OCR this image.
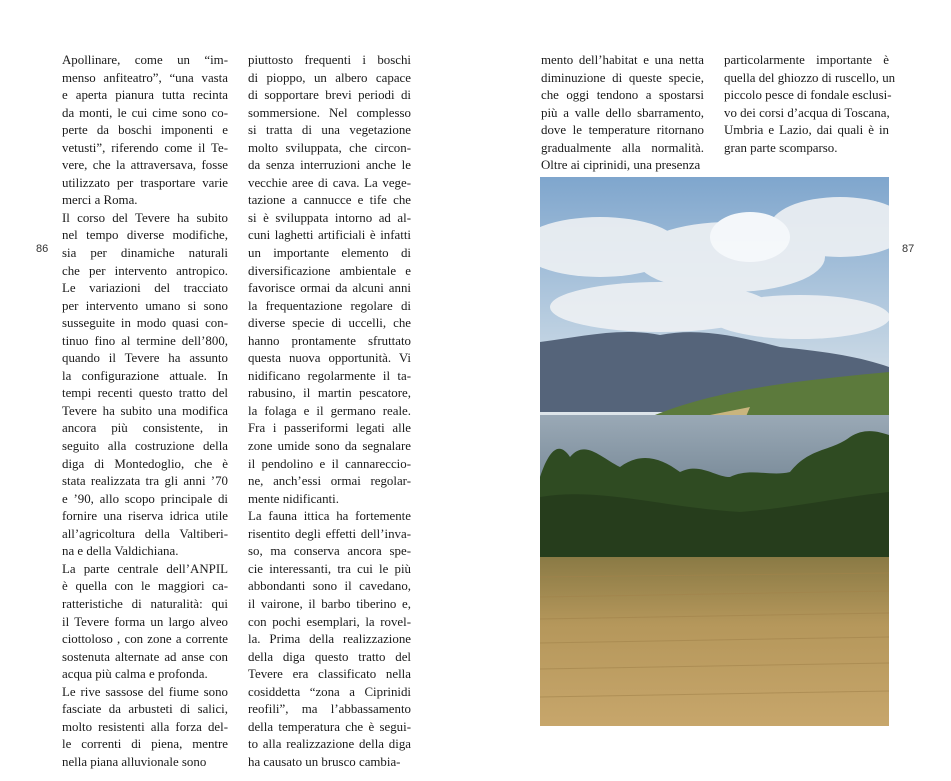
86	87
Apollinare, come un “im-
menso anfiteatro”, “una vasta
e aperta pianura tutta recinta
da monti, le cui cime sono co-
perte da boschi imponenti e
vetusti”, riferendo come il Te-
vere, che la attraversava, fosse
utilizzato per trasportare varie
merci a Roma.
Il corso del Tevere ha subito
nel tempo diverse modifiche,
sia per dinamiche naturali
che per intervento antropico.
Le variazioni del tracciato
per intervento umano si sono
susseguite in modo quasi con-
tinuo fino al termine dell’800,
quando il Tevere ha assunto
la configurazione attuale. In
tempi recenti questo tratto del
Tevere ha subito una modifica
ancora più consistente, in
seguito alla costruzione della
diga di Montedoglio, che è
stata realizzata tra gli anni ’70
e ’90, allo scopo principale di
fornire una riserva idrica utile
all’agricoltura della Valtiberi-
na e della Valdichiana.
La parte centrale dell’ANPIL
è quella con le maggiori ca-
ratteristiche di naturalità: qui
il Tevere forma un largo alveo
ciottoloso , con zone a corrente
sostenuta alternate ad anse con
acqua più calma e profonda.
Le rive sassose del fiume sono
fasciate da arbusteti di salici,
molto resistenti alla forza del-
le correnti di piena, mentre
nella piana alluvionale sono
piuttosto frequenti i boschi
di pioppo, un albero capace
di sopportare brevi periodi di
sommersione. Nel complesso
si tratta di una vegetazione
molto sviluppata, che circon-
da senza interruzioni anche le
vecchie aree di cava. La vege-
tazione a cannucce e tife che
si è sviluppata intorno ad al-
cuni laghetti artificiali è infatti
un importante elemento di
diversificazione ambientale e
favorisce ormai da alcuni anni
la frequentazione regolare di
diverse specie di uccelli, che
hanno prontamente sfruttato
questa nuova opportunità. Vi
nidificano regolarmente il ta-
rabusino, il martin pescatore,
la folaga e il germano reale.
Fra i passeriformi legati alle
zone umide sono da segnalare
il pendolino e il cannareccio-
ne, anch’essi ormai regolar-
mente nidificanti.
La fauna ittica ha fortemente
risentito degli effetti dell’inva-
so, ma conserva ancora spe-
cie interessanti, tra cui le più
abbondanti sono il cavedano,
il vairone, il barbo tiberino e,
con pochi esemplari, la rovel-
la. Prima della realizzazione
della diga questo tratto del
Tevere era classificato nella
cosiddetta “zona a Ciprinidi
reofili”, ma l’abbassamento
della temperatura che è segui-
to alla realizzazione della diga
ha causato un brusco cambia-
mento dell’habitat e una netta
diminuzione di queste specie,
che oggi tendono a spostarsi
più a valle dello sbarramento,
dove le temperature ritornano
gradualmente alla normalità.
Oltre ai ciprinidi, una presenza
particolarmente importante è
quella del ghiozzo di ruscello, un
piccolo pesce di fondale esclusi-
vo dei corsi d’acqua di Toscana,
Umbria e Lazio, dai quali è in
gran parte scomparso.
